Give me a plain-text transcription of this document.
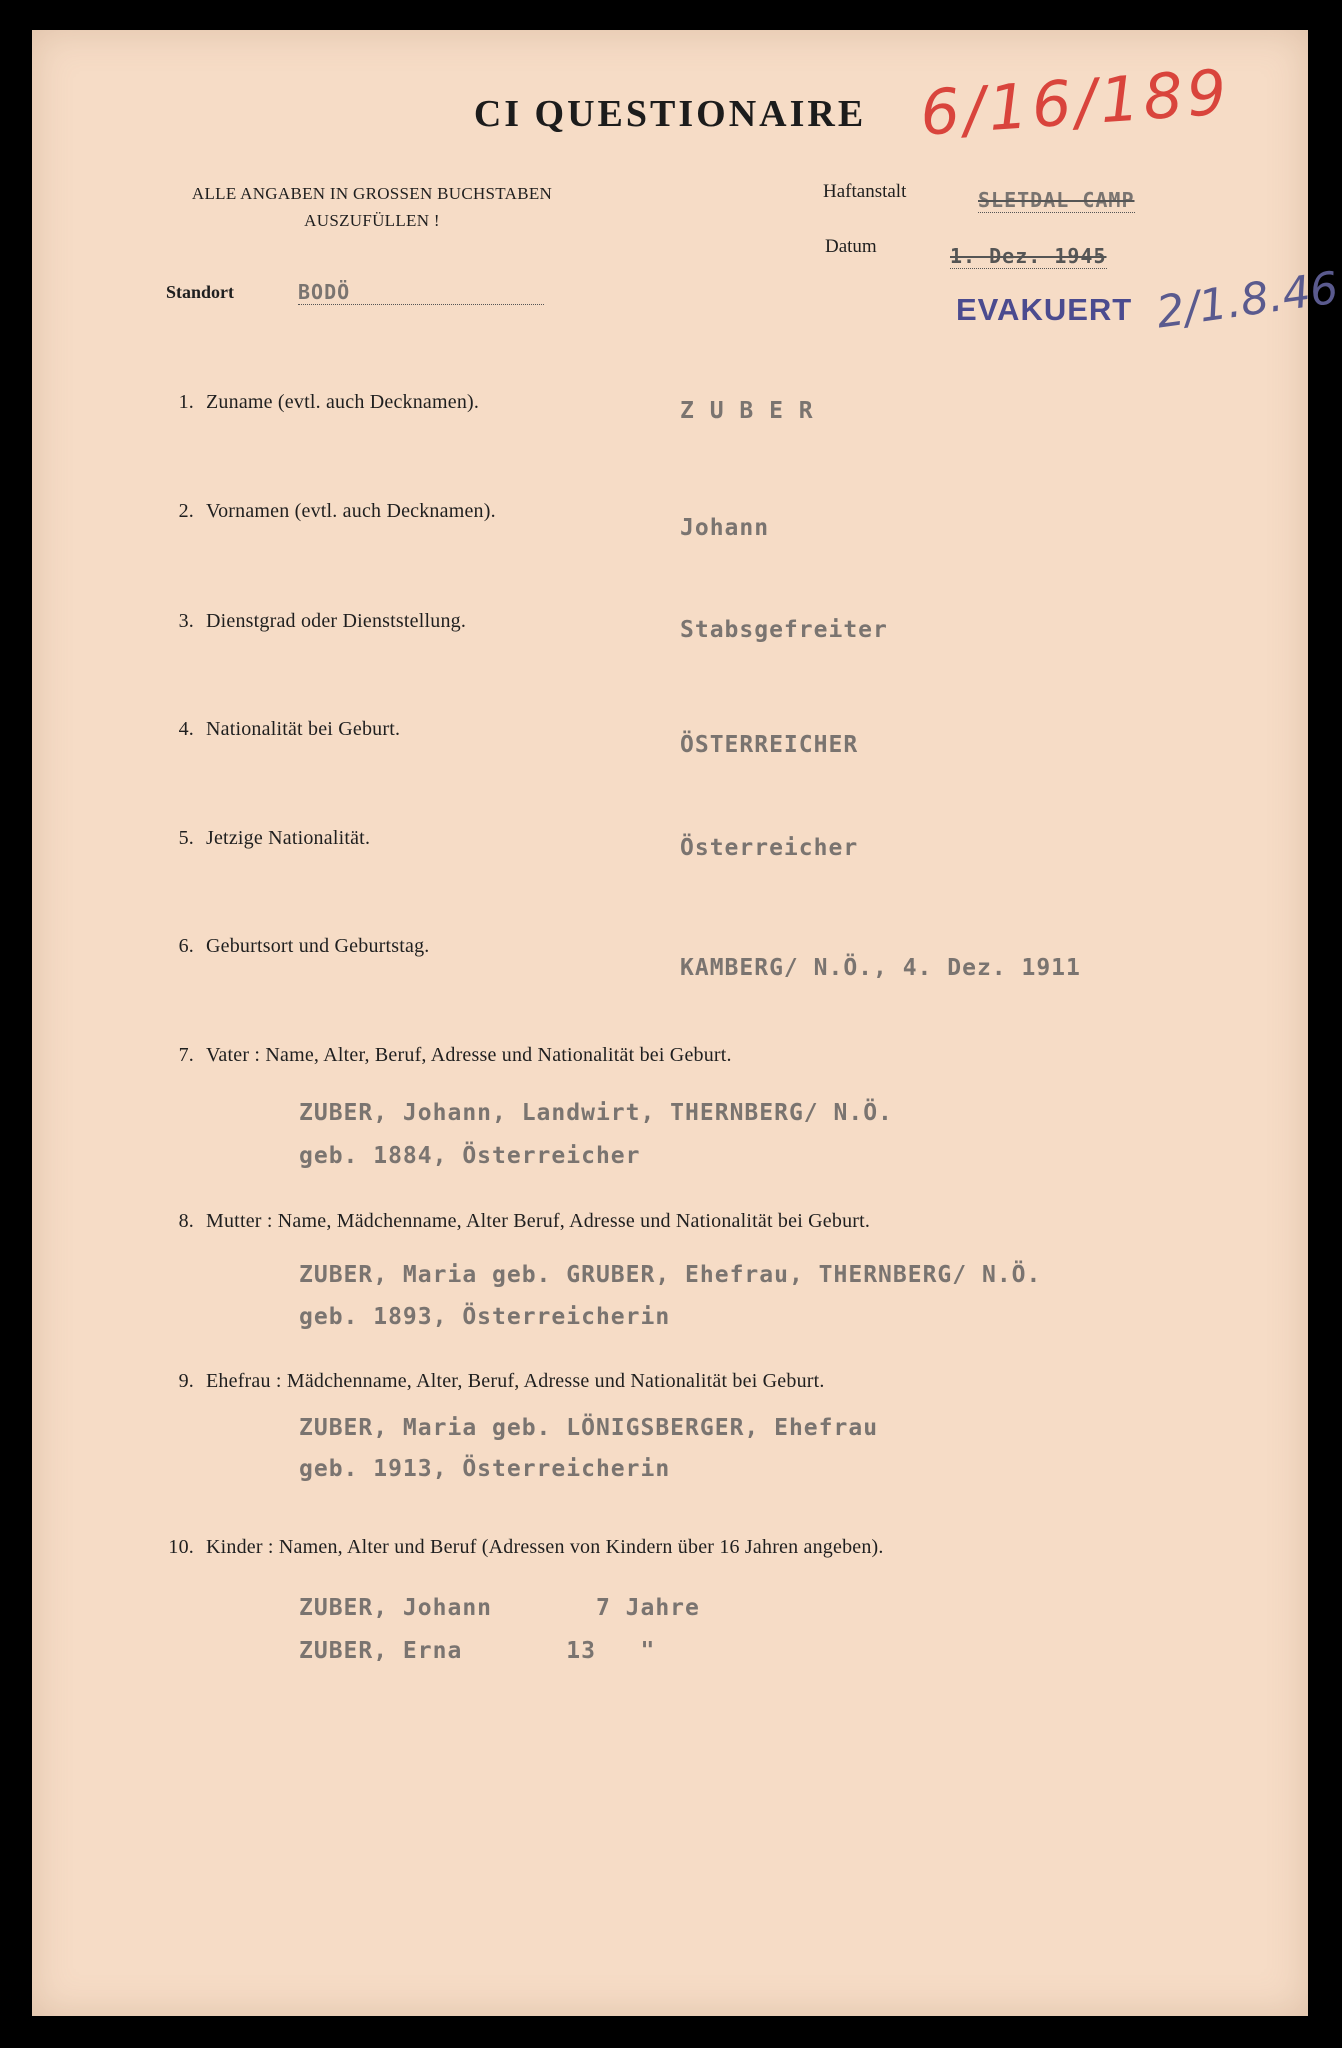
CI QUESTIONAIRE 6/16/189
ALLE ANGABEN IN GROSSEN BUCHSTABEN
AUSZUFÜLLEN !
Haftanstalt	SLETDAL CAMP
Datum	1. Dez. 1945
Standort	BODÖ	EVAKUERT 2/1.8.46
1. Zuname (evtl. auch Decknamen).	Z U B E R
2. Vornamen (evtl. auch Decknamen).
Johann
3. Dienstgrad oder Dienststellung.	Stabsgefreiter
4. Nationalität bei Geburt.
ÖSTERREICHER
5. Jetzige Nationalität.	Österreicher
6. Geburtsort und Geburtstag.
KAMBERG/ N.Ö., 4. Dez. 1911
7. Vater : Name, Alter, Beruf, Adresse und Nationalität bei Geburt.
ZUBER, Johann, Landwirt, THERNBERG/ N.Ö.
geb. 1884, Österreicher
8. Mutter : Name, Mädchenname, Alter Beruf, Adresse und Nationalität bei Geburt.
ZUBER, Maria geb. GRUBER, Ehefrau, THERNBERG/ N.Ö.
geb. 1893, Österreicherin
9. Ehefrau : Mädchenname, Alter, Beruf, Adresse und Nationalität bei Geburt.
ZUBER, Maria geb. LÖNIGSBERGER, Ehefrau
geb. 1913, Österreicherin
10. Kinder : Namen, Alter und Beruf (Adressen von Kindern über 16 Jahren angeben).
ZUBER, Johann       7 Jahre
ZUBER, Erna       13   "
